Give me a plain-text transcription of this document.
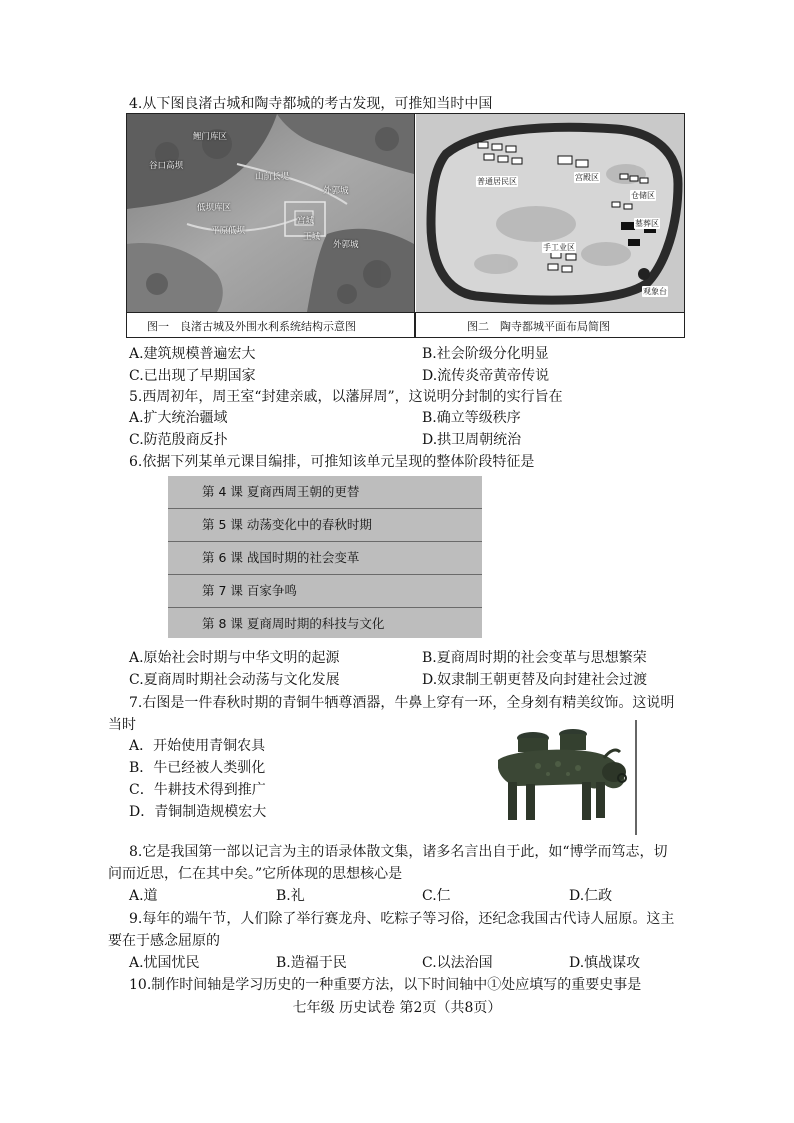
4.从下图良渚古城和陶寺都城的考古发现，可推知当时中国
鲤门库区
谷口高坝
低坝库区
山前长堤
平原低坝
外郭城
宫城
王城
外郭城
普通居民区	宫殿区
仓储区
墓葬区
手工业区
观象台
图一　良渚古城及外围水利系统结构示意图	图二　陶寺都城平面布局简图
A.建筑规模普遍宏大	B.社会阶级分化明显
C.已出现了早期国家	D.流传炎帝黄帝传说
5.西周初年，周王室“封建亲戚，以藩屏周”，这说明分封制的实行旨在
A.扩大统治疆域	B.确立等级秩序
C.防范殷商反扑	D.拱卫周朝统治
6.依据下列某单元课目编排，可推知该单元呈现的整体阶段特征是
第 4 课 夏商西周王朝的更替
第 5 课 动荡变化中的春秋时期
第 6 课 战国时期的社会变革
第 7 课 百家争鸣
第 8 课 夏商周时期的科技与文化
A.原始社会时期与中华文明的起源	B.夏商周时期的社会变革与思想繁荣
C.夏商周时期社会动荡与文化发展	D.奴隶制王朝更替及向封建社会过渡
7.右图是一件春秋时期的青铜牛牺尊酒器，牛鼻上穿有一环，全身刻有精美纹饰。这说明
当时
A．开始使用青铜农具
B．牛已经被人类驯化
C．牛耕技术得到推广
D．青铜制造规模宏大
8.它是我国第一部以记言为主的语录体散文集，诸多名言出自于此，如“博学而笃志，切
问而近思，仁在其中矣。”它所体现的思想核心是
A.道	B.礼	C.仁	D.仁政
9.每年的端午节，人们除了举行赛龙舟、吃粽子等习俗，还纪念我国古代诗人屈原。这主
要在于感念屈原的
A.忧国忧民	B.造福于民	C.以法治国	D.慎战谋攻
10.制作时间轴是学习历史的一种重要方法，以下时间轴中①处应填写的重要史事是
七年级 历史试卷 第2页（共8页）
